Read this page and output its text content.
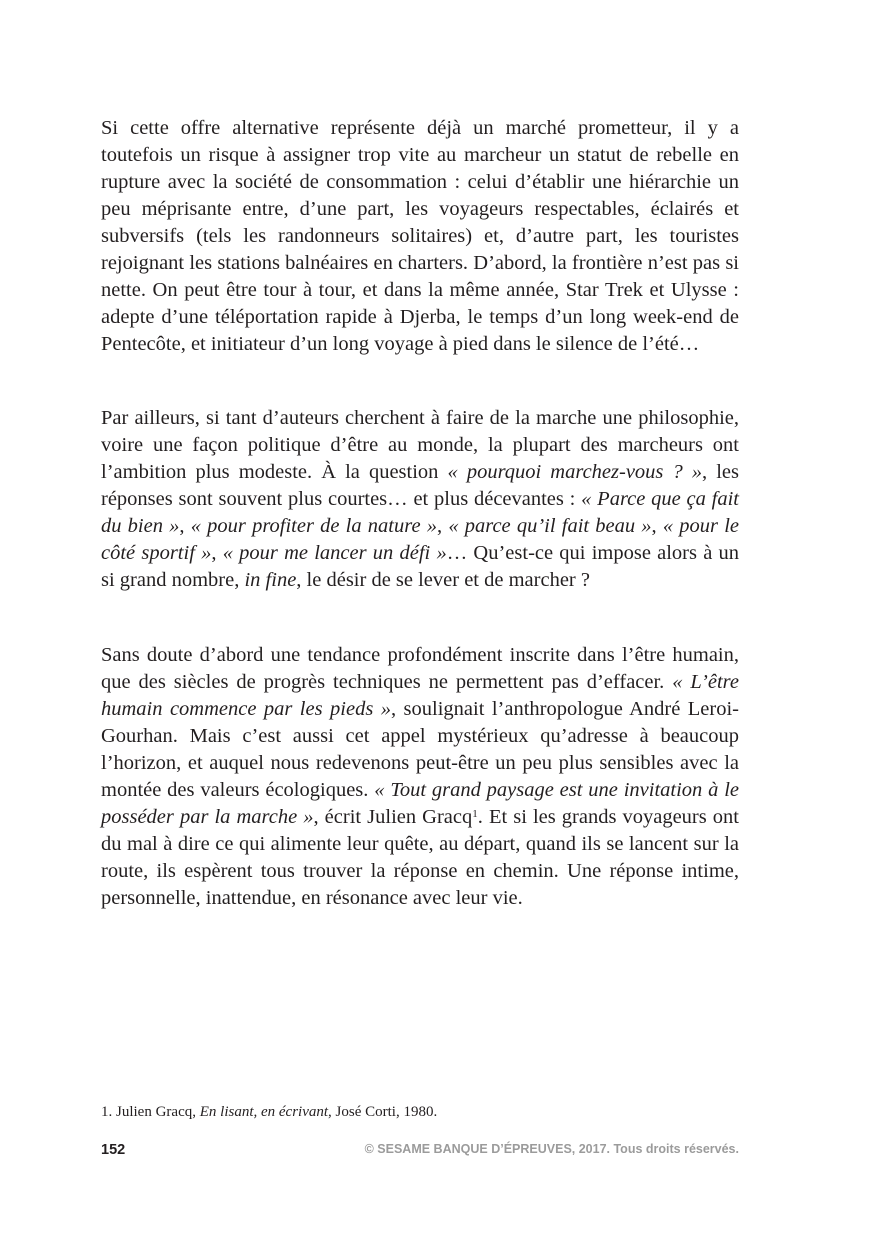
Si cette offre alternative représente déjà un marché prometteur, il y a toutefois un risque à assigner trop vite au marcheur un statut de rebelle en rupture avec la société de consommation : celui d’établir une hiérarchie un peu méprisante entre, d’une part, les voyageurs respectables, éclairés et subversifs (tels les randonneurs solitaires) et, d’autre part, les touristes rejoignant les stations balnéaires en charters. D’abord, la frontière n’est pas si nette. On peut être tour à tour, et dans la même année, Star Trek et Ulysse : adepte d’une téléportation rapide à Djerba, le temps d’un long week-end de Pentecôte, et initiateur d’un long voyage à pied dans le silence de l’été…

Par ailleurs, si tant d’auteurs cherchent à faire de la marche une philosophie, voire une façon politique d’être au monde, la plupart des marcheurs ont l’ambition plus modeste. À la question « pourquoi marchez-vous ? », les réponses sont souvent plus courtes… et plus décevantes : « Parce que ça fait du bien », « pour profiter de la nature », « parce qu’il fait beau », « pour le côté sportif », « pour me lancer un défi »… Qu’est-ce qui impose alors à un si grand nombre, in fine, le désir de se lever et de marcher ?

Sans doute d’abord une tendance profondément inscrite dans l’être humain, que des siècles de progrès techniques ne permettent pas d’effacer. « L’être humain commence par les pieds », soulignait l’anthropologue André Leroi-Gourhan. Mais c’est aussi cet appel mystérieux qu’adresse à beaucoup l’horizon, et auquel nous redevenons peut-être un peu plus sensibles avec la montée des valeurs écologiques. « Tout grand paysage est une invitation à le posséder par la marche », écrit Julien Gracq$^1$. Et si les grands voyageurs ont du mal à dire ce qui alimente leur quête, au départ, quand ils se lancent sur la route, ils espèrent tous trouver la réponse en chemin. Une réponse intime, personnelle, inattendue, en résonance avec leur vie.

1. Julien Gracq, En lisant, en écrivant, José Corti, 1980.

152	© SESAME BANQUE D’ÉPREUVES, 2017. Tous droits réservés.
